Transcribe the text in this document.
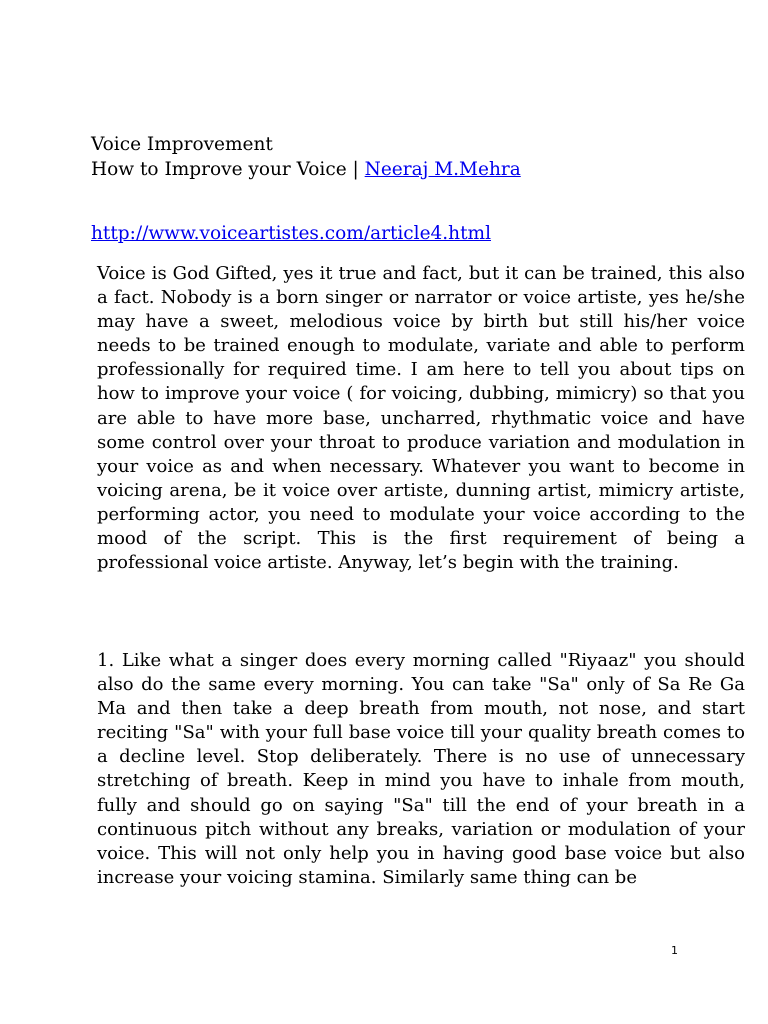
Voice Improvement
How to Improve your Voice | Neeraj M.Mehra
http://www.voiceartistes.com/article4.html

Voice is God Gifted, yes it true and fact, but it can be trained, this also a fact. Nobody is a born singer or narrator or voice artiste, yes he/she may have a sweet, melodious voice by birth but still his/her voice needs to be trained enough to modulate, variate and able to perform professionally for required time. I am here to tell you about tips on how to improve your voice ( for voicing, dubbing, mimicry) so that you are able to have more base, uncharred, rhythmatic voice and have some control over your throat to produce variation and modulation in your voice as and when necessary. Whatever you want to become in voicing arena, be it voice over artiste, dunning artist, mimicry artiste, performing actor, you need to modulate your voice according to the mood of the script. This is the first requirement of being a professional voice artiste. Anyway, let’s begin with the training.

1. Like what a singer does every morning called "Riyaaz" you should also do the same every morning. You can take "Sa" only of Sa Re Ga Ma and then take a deep breath from mouth, not nose, and start reciting "Sa" with your full base voice till your quality breath comes to a decline level. Stop deliberately. There is no use of unnecessary stretching of breath. Keep in mind you have to inhale from mouth, fully and should go on saying "Sa" till the end of your breath in a continuous pitch without any breaks, variation or modulation of your voice. This will not only help you in having good base voice but also increase your voicing stamina. Similarly same thing can be

1
